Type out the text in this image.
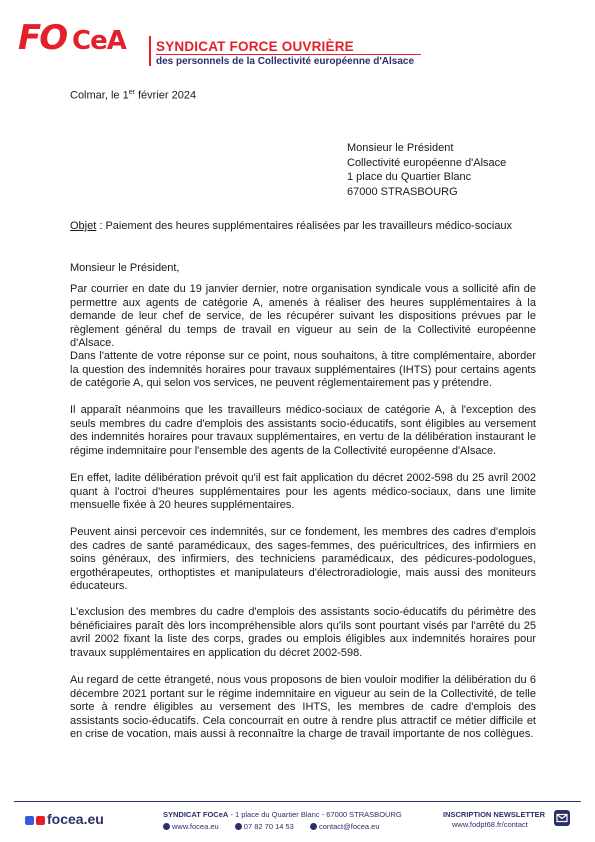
FO CeA SYNDICAT FORCE OUVRIÈRE
des personnels de la Collectivité européenne d'Alsace
Colmar, le 1er février 2024
Monsieur le Président
Collectivité européenne d'Alsace
1 place du Quartier Blanc
67000 STRASBOURG
Objet : Paiement des heures supplémentaires réalisées par les travailleurs médico-sociaux
Monsieur le Président,
Par courrier en date du 19 janvier dernier, notre organisation syndicale vous a sollicité afin de permettre aux agents de catégorie A, amenés à réaliser des heures supplémentaires à la demande de leur chef de service, de les récupérer suivant les dispositions prévues par le règlement général du temps de travail en vigueur au sein de la Collectivité européenne d'Alsace.
Dans l'attente de votre réponse sur ce point, nous souhaitons, à titre complémentaire, aborder la question des indemnités horaires pour travaux supplémentaires (IHTS) pour certains agents de catégorie A, qui selon vos services, ne peuvent réglementairement pas y prétendre.
Il apparaît néanmoins que les travailleurs médico-sociaux de catégorie A, à l'exception des seuls membres du cadre d'emplois des assistants socio-éducatifs, sont éligibles au versement des indemnités horaires pour travaux supplémentaires, en vertu de la délibération instaurant le régime indemnitaire pour l'ensemble des agents de la Collectivité européenne d'Alsace.
En effet, ladite délibération prévoit qu'il est fait application du décret 2002-598 du 25 avril 2002 quant à l'octroi d'heures supplémentaires pour les agents médico-sociaux, dans une limite mensuelle fixée à 20 heures supplémentaires.
Peuvent ainsi percevoir ces indemnités, sur ce fondement, les membres des cadres d'emplois des cadres de santé paramédicaux, des sages-femmes, des puéricultrices, des infirmiers en soins généraux, des infirmiers, des techniciens paramédicaux, des pédicures-podologues, ergothérapeutes, orthoptistes et manipulateurs d'électroradiologie, mais aussi des moniteurs éducateurs.
L'exclusion des membres du cadre d'emplois des assistants socio-éducatifs du périmètre des bénéficiaires paraît dès lors incompréhensible alors qu'ils sont pourtant visés par l'arrêté du 25 avril 2002 fixant la liste des corps, grades ou emplois éligibles aux indemnités horaires pour travaux supplémentaires en application du décret 2002-598.
Au regard de cette étrangeté, nous vous proposons de bien vouloir modifier la délibération du 6 décembre 2021 portant sur le régime indemnitaire en vigueur au sein de la Collectivité, de telle sorte à rendre éligibles au versement des IHTS, les membres de cadre d'emplois des assistants socio-éducatifs. Cela concourrait en outre à rendre plus attractif ce métier difficile et en crise de vocation, mais aussi à reconnaître la charge de travail importante de nos collègues.
focea.eu	SYNDICAT FOCeA - 1 place du Quartier Blanc - 67000 STRASBOURG
www.focea.eu	07 82 70 14 53	contact@focea.eu
INSCRIPTION NEWSLETTER
www.fodpt68.fr/contact
